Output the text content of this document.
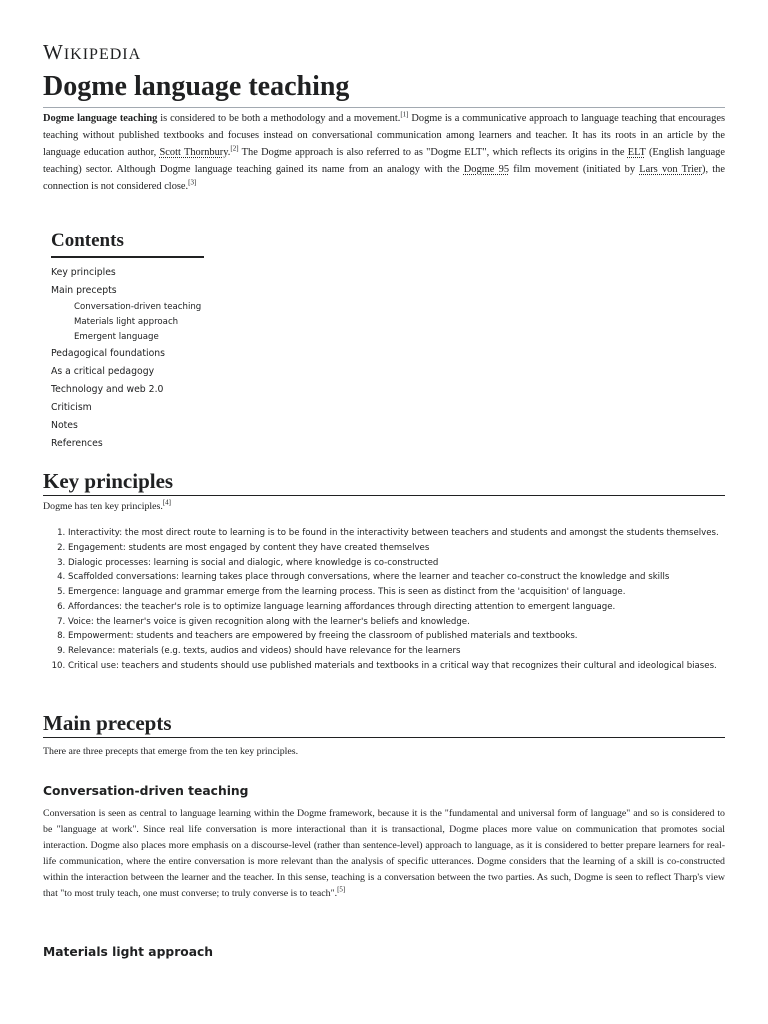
WIKIPEDIA
Dogme language teaching

Dogme language teaching is considered to be both a methodology and a movement.[1] Dogme is a communicative approach to language teaching that encourages teaching without published textbooks and focuses instead on conversational communication among learners and teacher. It has its roots in an article by the language education author, Scott Thornbury.[2] The Dogme approach is also referred to as "Dogme ELT", which reflects its origins in the ELT (English language teaching) sector. Although Dogme language teaching gained its name from an analogy with the Dogme 95 film movement (initiated by Lars von Trier), the connection is not considered close.[3]

Contents
Key principles
Main precepts
Conversation-driven teaching
Materials light approach
Emergent language
Pedagogical foundations
As a critical pedagogy
Technology and web 2.0
Criticism
Notes
References
Key principles

Dogme has ten key principles.[4]

1. Interactivity: the most direct route to learning is to be found in the interactivity between teachers and students and amongst the students themselves.
2. Engagement: students are most engaged by content they have created themselves
3. Dialogic processes: learning is social and dialogic, where knowledge is co-constructed
4. Scaffolded conversations: learning takes place through conversations, where the learner and teacher co-construct the knowledge and skills
5. Emergence: language and grammar emerge from the learning process. This is seen as distinct from the 'acquisition' of language.
6. Affordances: the teacher's role is to optimize language learning affordances through directing attention to emergent language.
7. Voice: the learner's voice is given recognition along with the learner's beliefs and knowledge.
8. Empowerment: students and teachers are empowered by freeing the classroom of published materials and textbooks.
9. Relevance: materials (e.g. texts, audios and videos) should have relevance for the learners
10. Critical use: teachers and students should use published materials and textbooks in a critical way that recognizes their cultural and ideological biases.
Main precepts

There are three precepts that emerge from the ten key principles.

Conversation-driven teaching

Conversation is seen as central to language learning within the Dogme framework, because it is the "fundamental and universal form of language" and so is considered to be "language at work". Since real life conversation is more interactional than it is transactional, Dogme places more value on communication that promotes social interaction. Dogme also places more emphasis on a discourse-level (rather than sentence-level) approach to language, as it is considered to better prepare learners for real-life communication, where the entire conversation is more relevant than the analysis of specific utterances. Dogme considers that the learning of a skill is co-constructed within the interaction between the learner and the teacher. In this sense, teaching is a conversation between the two parties. As such, Dogme is seen to reflect Tharp's view that "to most truly teach, one must converse; to truly converse is to teach".[5]

Materials light approach
